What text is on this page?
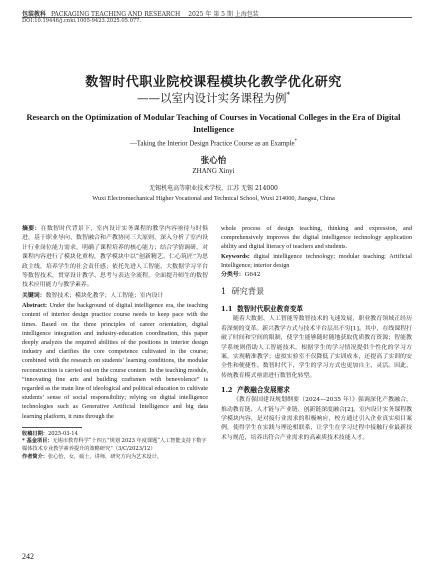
包装教科 PACKAGING TEACHING AND RESEARCH 2025 年 第 5 期 上海包装
DOI:10.19446/j.cnki.1005-9423.2025.05.077.
数智时代职业院校课程模块化教学优化研究
——以室内设计实务课程为例*
Research on the Optimization of Modular Teaching of Courses in Vocational Colleges in the Era of Digital Intelligence
—Taking the Interior Design Practice Course as an Example*
张心怡
ZHANG Xinyi
无锡机电高等职业技术学校，江苏 无锡 214000
Wuxi Electromechanical Higher Vocational and Technical School, Wuxi 214000, Jiangsu, China

摘要：在数智时代背景下，室内设计实务课程的教学内容亟待与时俱进，基于职业导向、数智融合和产教协同三大原则，深入分析了室内设计行业岗位能力需求，明确了课程培养的核心能力；结合学情调研，对课程内容进行了模块化重构，教学模块中以“创新精艺、仁心筑匠”为思政主线，培养学生的社会责任感；依托先进人工智能、大数据学习平台等数智技术，贯穿设计教学、思考与表达全流程，全面提升师生的数智技术应用能力与教学素养。

关键词：数智技术；模块化教学；人工智能；室内设计

Abstract: Under the background of digital intelligence era, the teaching content of interior design practice course needs to keep pace with the times. Based on the three principles of career orientation, digital intelligence integration and industry-education coordination, this paper deeply analyzes the required abilities of the positions in interior design industry and clarifies the core competence cultivated in the course; combined with the research on students’ learning conditions, the modular reconstruction is carried out on the course content. In the teaching module, “innovating fine arts and building craftsmen with benevolence” is regarded as the main line of ideological and political education to cultivate students’ sense of social responsibility; relying on digital intelligence technologies such as Generative Artificial Intelligence and big data learning platform, it runs through the

收稿日期：2025-03-14

* 基金项目：无锡市教育科学“十四五”规划 2023 年度课题“人工智能支持下数字媒体技术专业教学素养提升的策略研究”（3/C/2023/12）

作者简介：张心怡，女，硕士，讲师，研究方向为艺术设计。

whole process of design teaching, thinking and expression, and comprehensively improves the digital intelligence technology application ability and digital literacy of teachers and students.

Keywords: digital intelligence technology; modular teaching; Artificial Intelligence; interior design

分类号：G642

1 研究背景
1.1 数智时代职业教育变革

随着大数据、人工智能等数智技术的飞速发展，职业教育领域正经历着深刻的变革。新兴教学方式与技术平台层出不穷[1]。其中，在线课程打破了时间和空间的限制，使学生能够随时随地获取优质教育资源；智能教学系统则借助人工智能技术，根据学生的学习情况提供个性化的学习方案，实现精准教学；虚拟实验室不仅降低了实训成本，还提高了实训的安全性和便捷性。数智时代下，学生的学习方式也更加自主、灵活。因此，传统教育模式亟需进行数智化转型。

1.2 产教融合发展需求

《教育强国建设规划纲要（2024—2035 年）》强调深化产教融合，推动教育链、人才链与产业链、创新链深度融合[2]。室内设计实务课程教学模块内容，是对接行业需求的积极响应，校方通过引入企业真实项目案例，使得学生在实践与理论相联系，让学生在学习过程中接触行业最新技术与规范，培养出符合产业需求的高素质技术技能人才。

242
